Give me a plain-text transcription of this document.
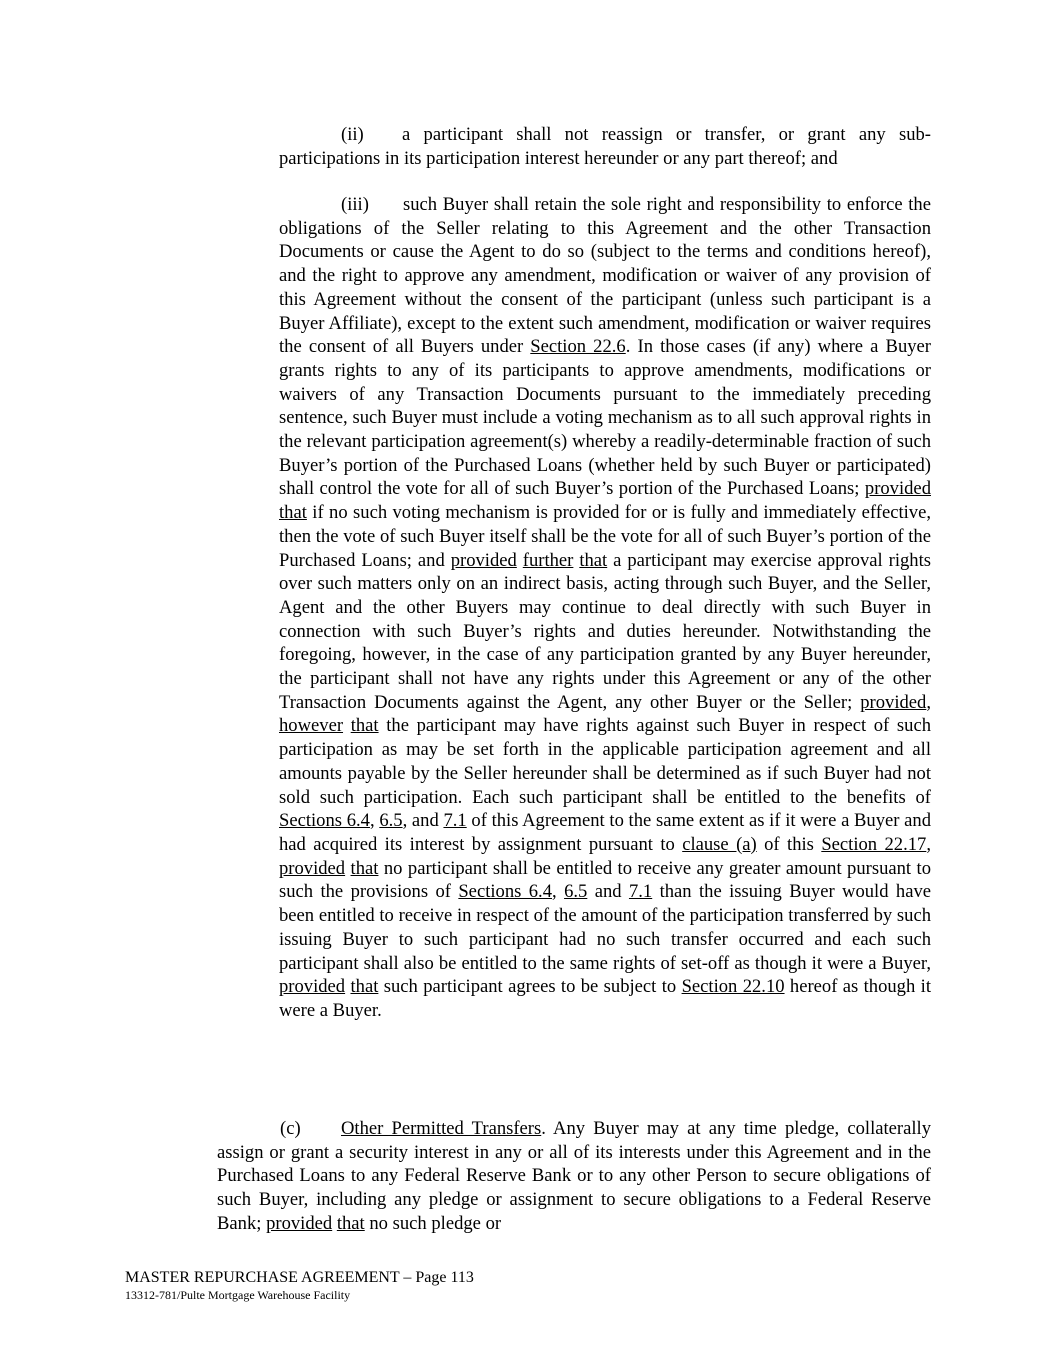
(ii) a participant shall not reassign or transfer, or grant any sub-participations in its participation interest hereunder or any part thereof; and

(iii) such Buyer shall retain the sole right and responsibility to enforce the obligations of the Seller relating to this Agreement and the other Transaction Documents or cause the Agent to do so (subject to the terms and conditions hereof), and the right to approve any amendment, modification or waiver of any provision of this Agreement without the consent of the participant (unless such participant is a Buyer Affiliate), except to the extent such amendment, modification or waiver requires the consent of all Buyers under Section 22.6. In those cases (if any) where a Buyer grants rights to any of its participants to approve amendments, modifications or waivers of any Transaction Documents pursuant to the immediately preceding sentence, such Buyer must include a voting mechanism as to all such approval rights in the relevant participation agreement(s) whereby a readily-determinable fraction of such Buyer’s portion of the Purchased Loans (whether held by such Buyer or participated) shall control the vote for all of such Buyer’s portion of the Purchased Loans; provided that if no such voting mechanism is provided for or is fully and immediately effective, then the vote of such Buyer itself shall be the vote for all of such Buyer’s portion of the Purchased Loans; and provided further that a participant may exercise approval rights over such matters only on an indirect basis, acting through such Buyer, and the Seller, Agent and the other Buyers may continue to deal directly with such Buyer in connection with such Buyer’s rights and duties hereunder. Notwithstanding the foregoing, however, in the case of any participation granted by any Buyer hereunder, the participant shall not have any rights under this Agreement or any of the other Transaction Documents against the Agent, any other Buyer or the Seller; provided, however that the participant may have rights against such Buyer in respect of such participation as may be set forth in the applicable participation agreement and all amounts payable by the Seller hereunder shall be determined as if such Buyer had not sold such participation. Each such participant shall be entitled to the benefits of Sections 6.4, 6.5, and 7.1 of this Agreement to the same extent as if it were a Buyer and had acquired its interest by assignment pursuant to clause (a) of this Section 22.17, provided that no participant shall be entitled to receive any greater amount pursuant to such the provisions of Sections 6.4, 6.5 and 7.1 than the issuing Buyer would have been entitled to receive in respect of the amount of the participation transferred by such issuing Buyer to such participant had no such transfer occurred and each such participant shall also be entitled to the same rights of set-off as though it were a Buyer, provided that such participant agrees to be subject to Section 22.10 hereof as though it were a Buyer.

(c) Other Permitted Transfers. Any Buyer may at any time pledge, collaterally assign or grant a security interest in any or all of its interests under this Agreement and in the Purchased Loans to any Federal Reserve Bank or to any other Person to secure obligations of such Buyer, including any pledge or assignment to secure obligations to a Federal Reserve Bank; provided that no such pledge or

MASTER REPURCHASE AGREEMENT – Page 113
13312-781/Pulte Mortgage Warehouse Facility
